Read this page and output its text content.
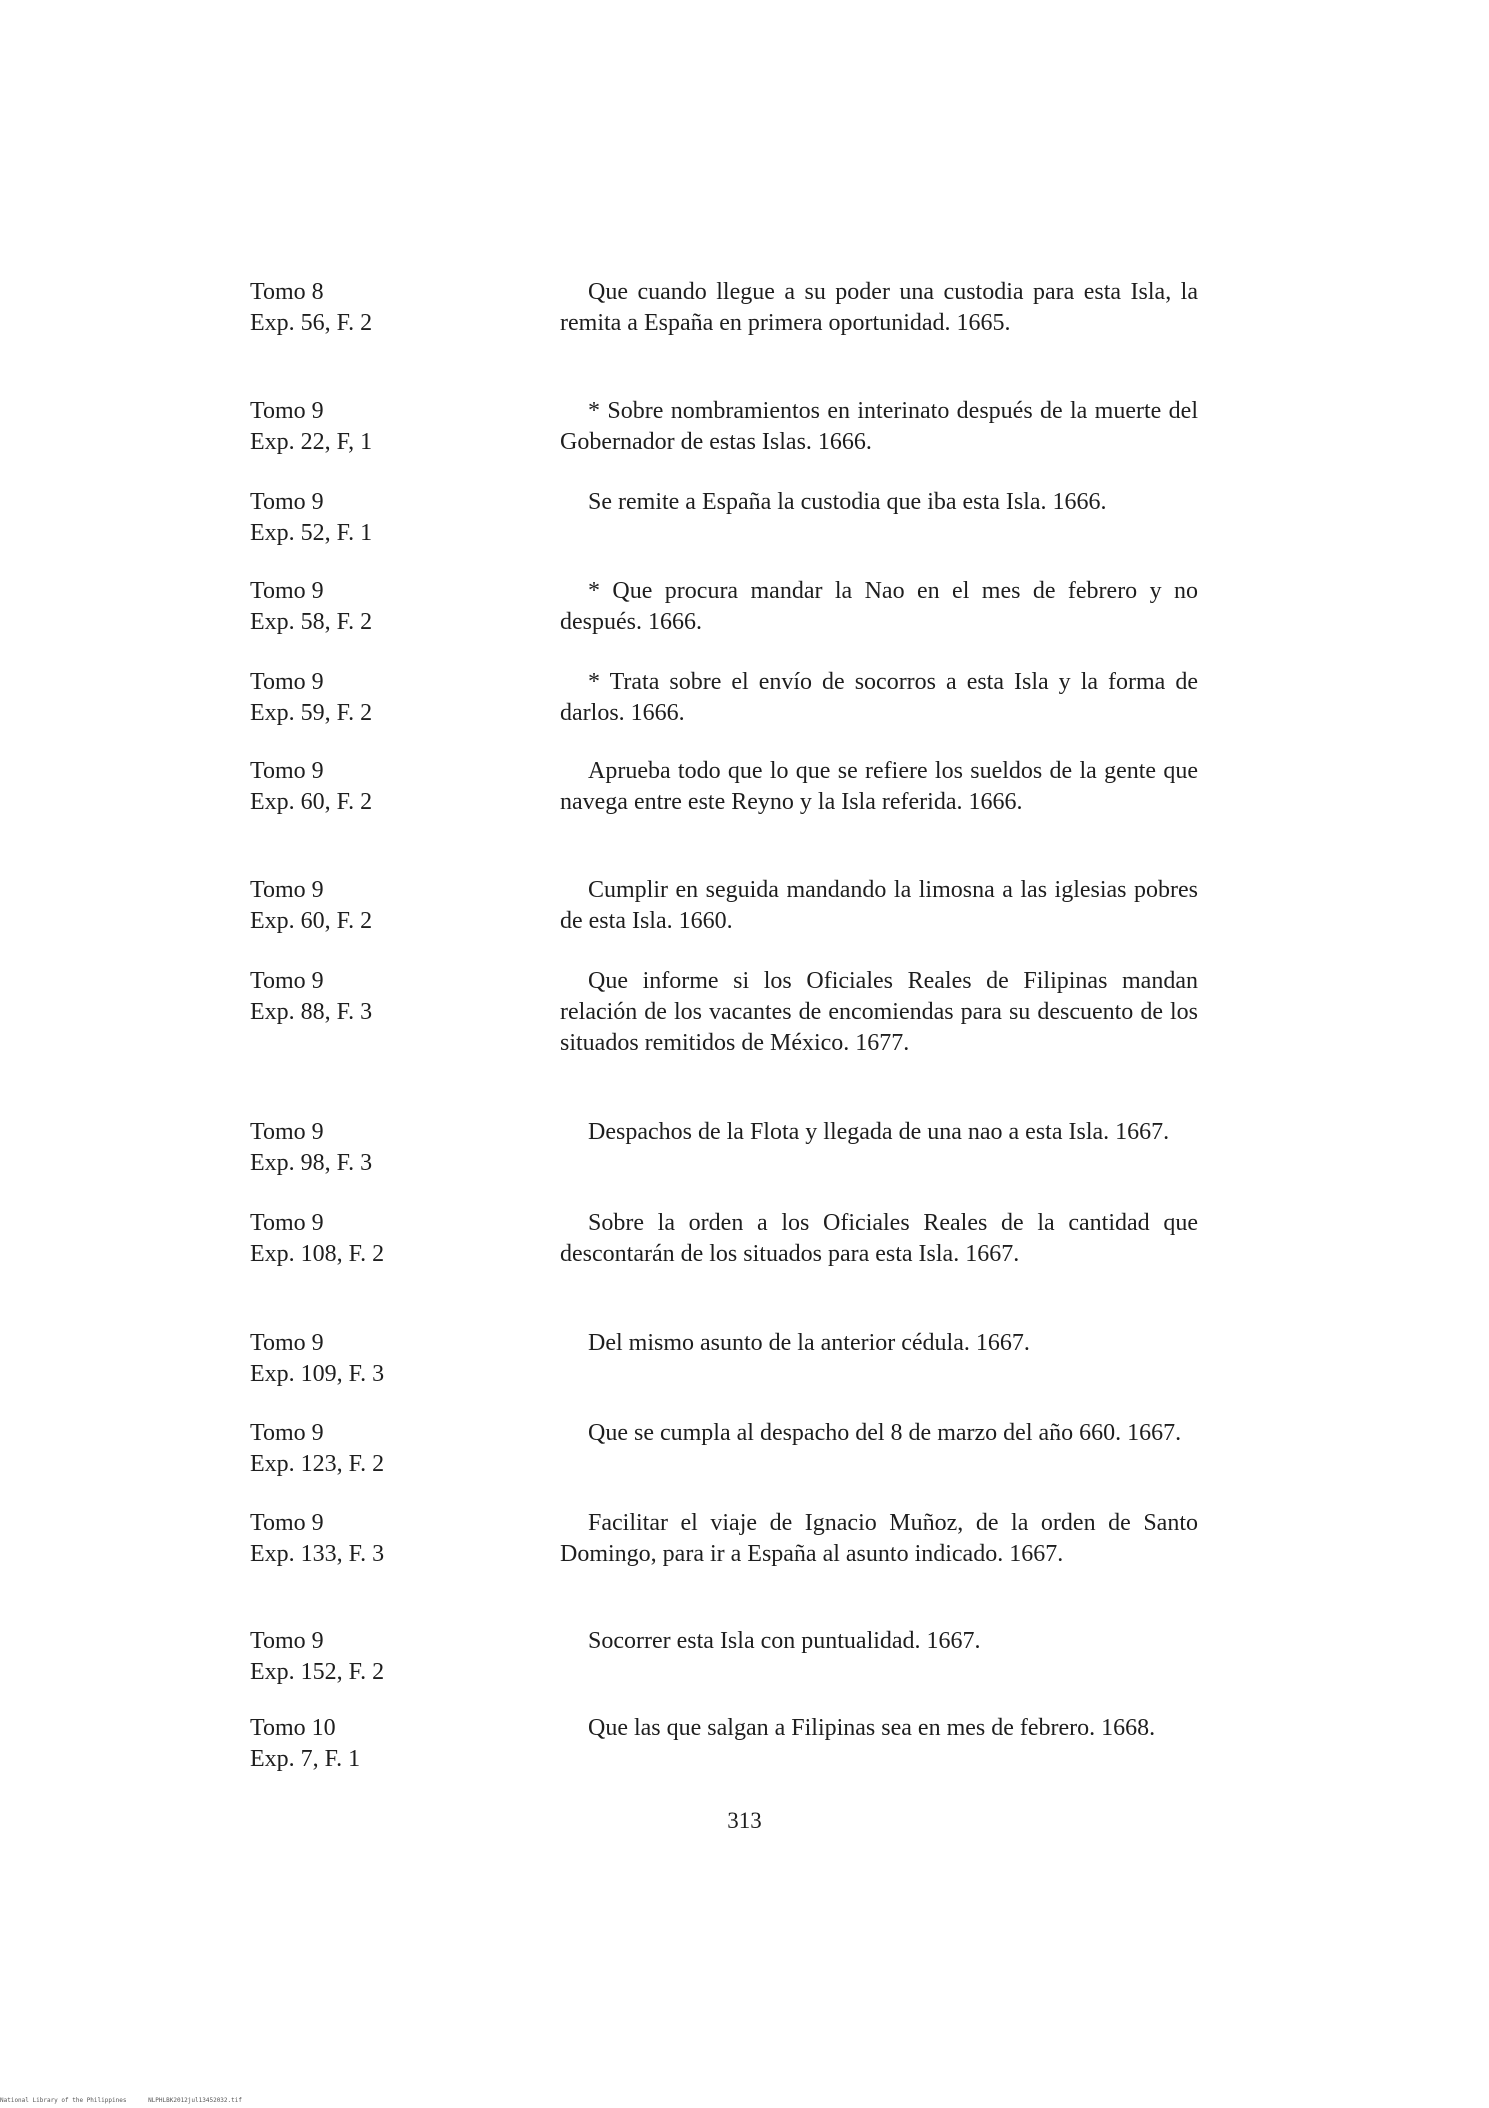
Tomo 8
Exp. 56, F. 2
Que cuando llegue a su poder una custodia para esta Isla, la remita a España en primera oportunidad. 1665.
Tomo 9
Exp. 22, F, 1
* Sobre nombramientos en interinato después de la muerte del Gobernador de estas Islas. 1666.
Tomo 9
Exp. 52, F. 1
Se remite a España la custodia que iba esta Isla. 1666.
Tomo 9
Exp. 58, F. 2
* Que procura mandar la Nao en el mes de febrero y no después. 1666.
Tomo 9
Exp. 59, F. 2
* Trata sobre el envío de socorros a esta Isla y la forma de darlos. 1666.
Tomo 9
Exp. 60, F. 2
Aprueba todo que lo que se refiere los sueldos de la gente que navega entre este Reyno y la Isla referida. 1666.
Tomo 9
Exp. 60, F. 2
Cumplir en seguida mandando la limosna a las iglesias pobres de esta Isla. 1660.
Tomo 9
Exp. 88, F. 3
Que informe si los Oficiales Reales de Filipinas mandan relación de los vacantes de encomiendas para su descuento de los situados remitidos de México. 1677.
Tomo 9
Exp. 98, F. 3
Despachos de la Flota y llegada de una nao a esta Isla. 1667.
Tomo 9
Exp. 108, F. 2
Sobre la orden a los Oficiales Reales de la cantidad que descontarán de los situados para esta Isla. 1667.
Tomo 9
Exp. 109, F. 3
Del mismo asunto de la anterior cédula. 1667.
Tomo 9
Exp. 123, F. 2
Que se cumpla al despacho del 8 de marzo del año 660. 1667.
Tomo 9
Exp. 133, F. 3
Facilitar el viaje de Ignacio Muñoz, de la orden de Santo Domingo, para ir a España al asunto indicado. 1667.
Tomo 9
Exp. 152, F. 2
Socorrer esta Isla con puntualidad. 1667.
Tomo 10
Exp. 7, F. 1
Que las que salgan a Filipinas sea en mes de febrero. 1668.
313
National Library of the Philippines	NLPHLBK2012jul13452032.tif
